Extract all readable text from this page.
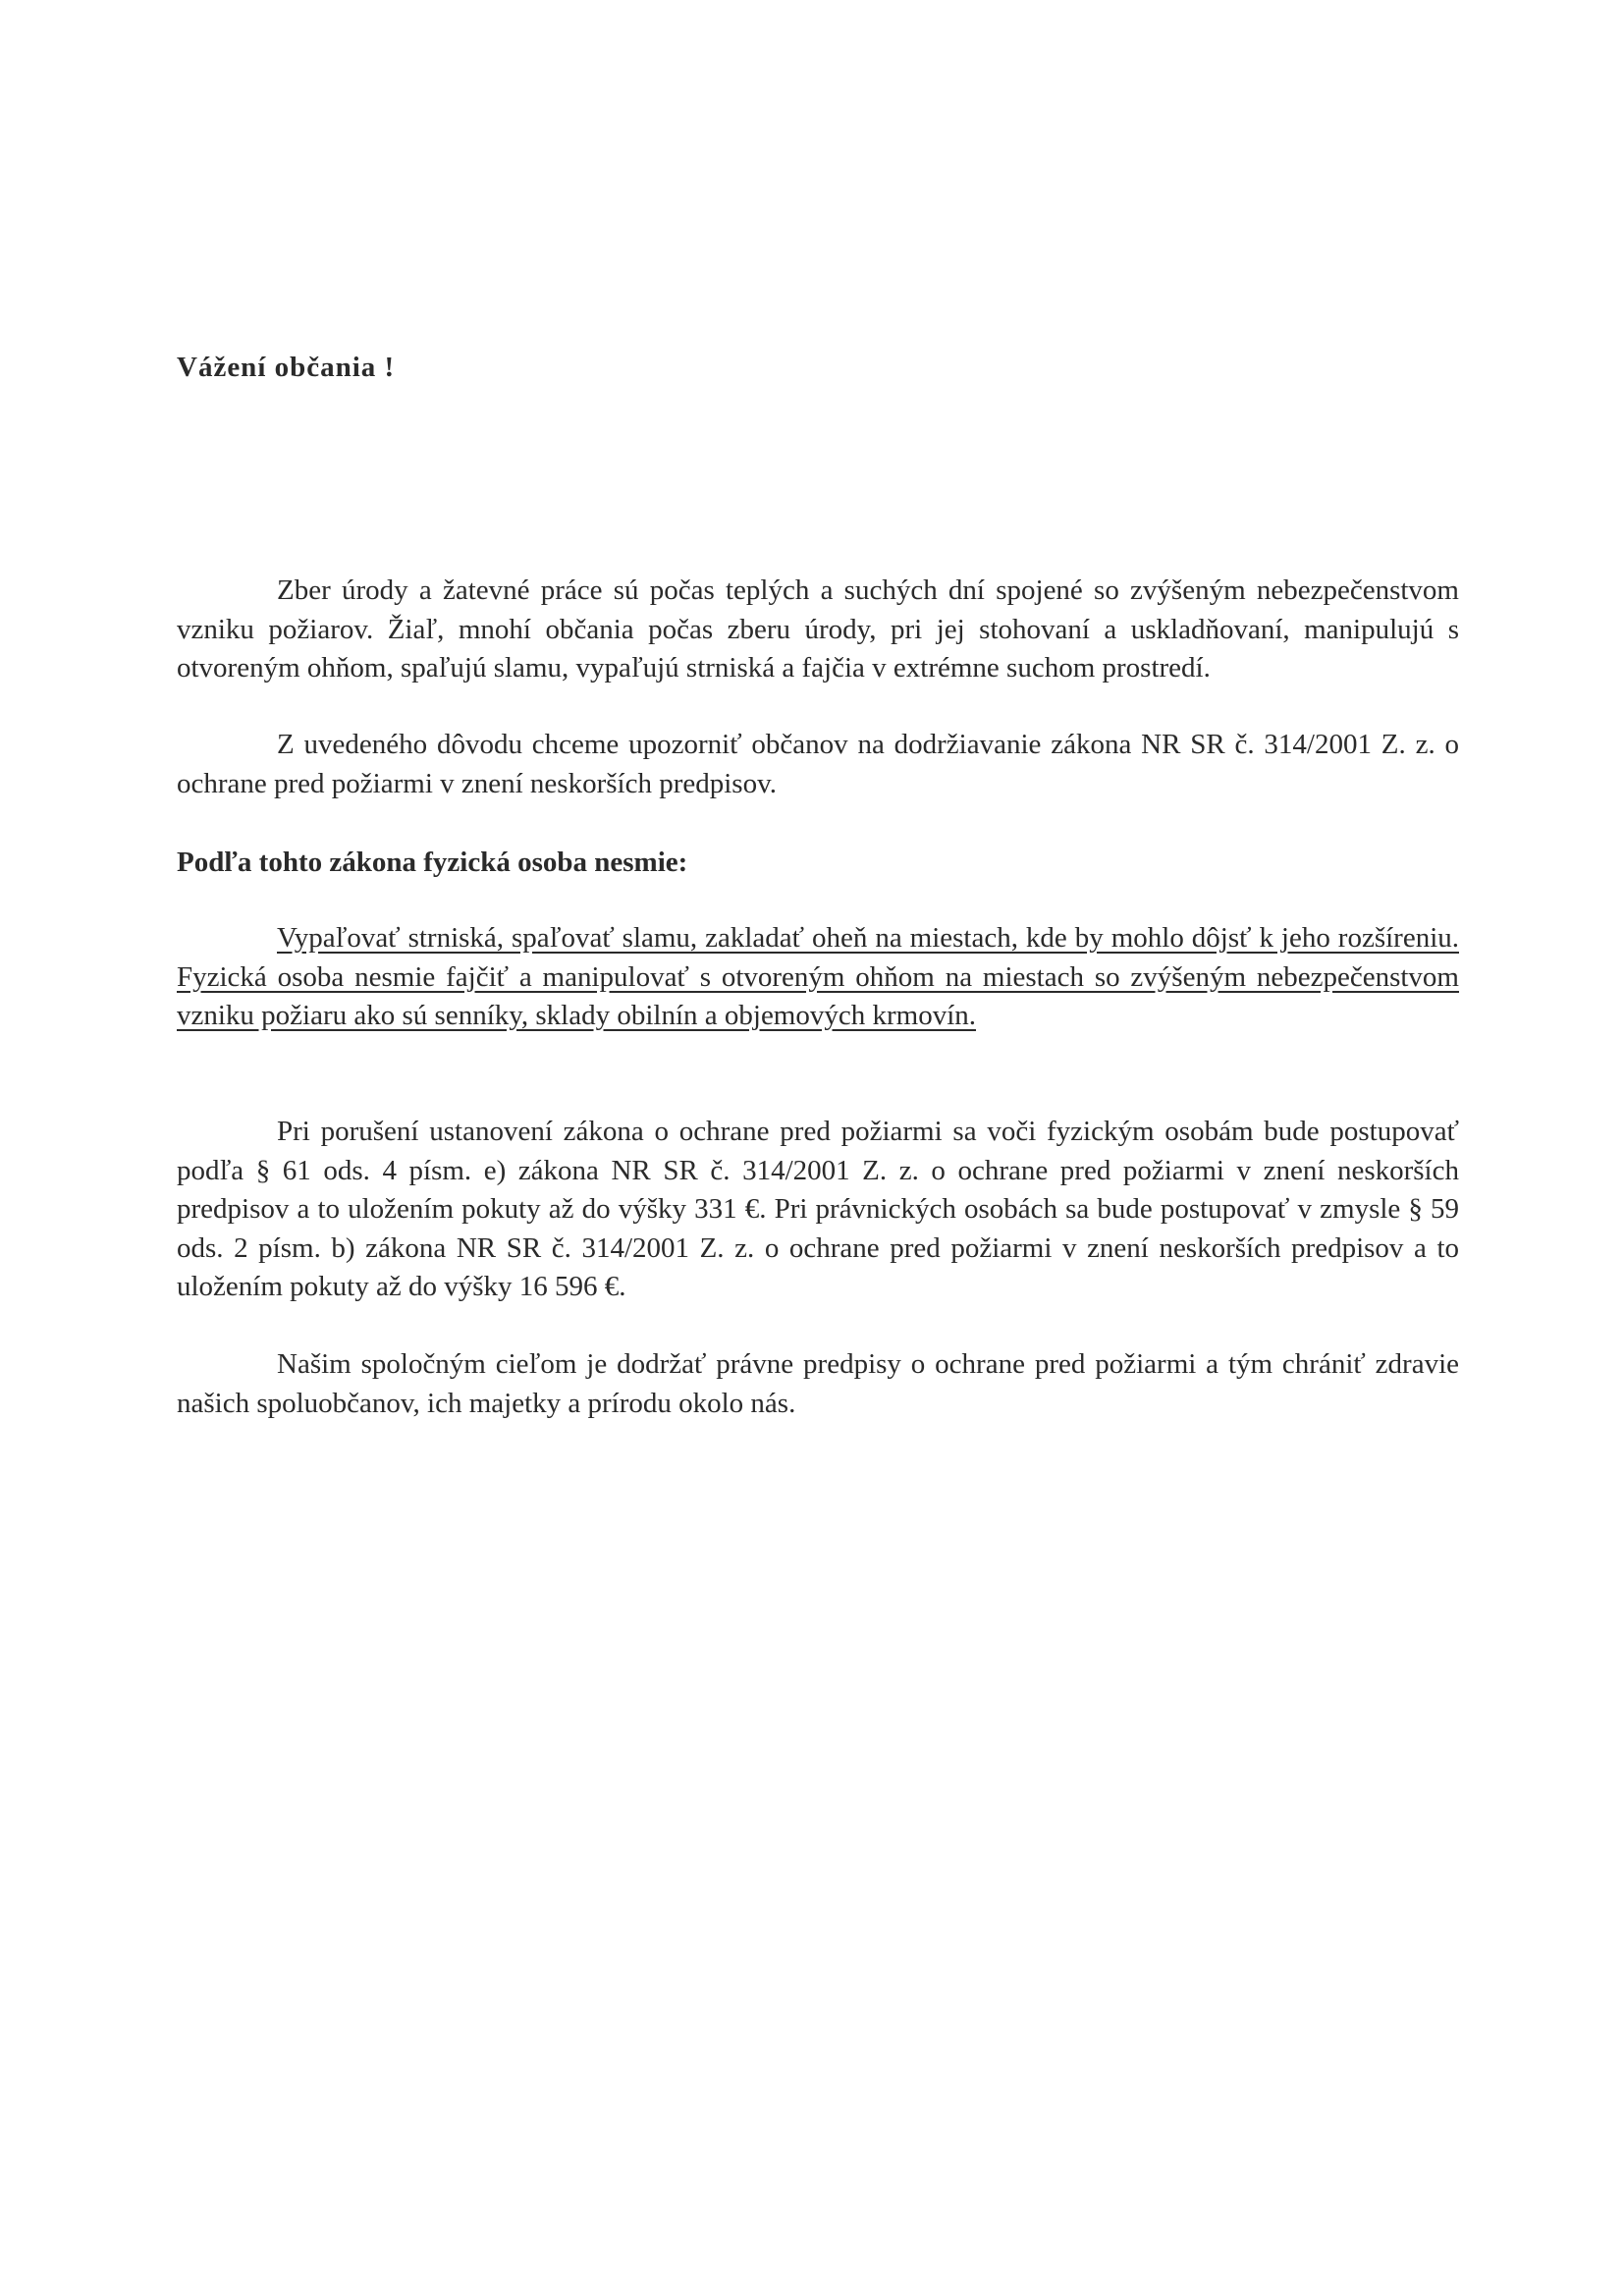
Vážení občania !

Zber úrody a žatevné práce sú počas teplých a suchých dní spojené so zvýšeným nebezpečenstvom vzniku požiarov. Žiaľ, mnohí občania počas zberu úrody, pri jej stohovaní a uskladňovaní, manipulujú s otvoreným ohňom, spaľujú slamu, vypaľujú strniská a fajčia v extrémne suchom prostredí.

Z uvedeného dôvodu chceme upozorniť občanov na dodržiavanie zákona NR SR č. 314/2001 Z. z. o ochrane pred požiarmi v znení neskorších predpisov.

Podľa tohto zákona fyzická osoba nesmie:

Vypaľovať strniská, spaľovať slamu, zakladať oheň na miestach, kde by mohlo dôjsť k jeho rozšíreniu. Fyzická osoba nesmie fajčiť a manipulovať s otvoreným ohňom na miestach so zvýšeným nebezpečenstvom vzniku požiaru ako sú senníky, sklady obilnín a objemových krmovín.

Pri porušení ustanovení zákona o ochrane pred požiarmi sa voči fyzickým osobám bude postupovať podľa § 61 ods. 4 písm. e) zákona NR SR č. 314/2001 Z. z. o ochrane pred požiarmi v znení neskorších predpisov a to uložením pokuty až do výšky 331 €. Pri právnických osobách sa bude postupovať v zmysle § 59 ods. 2 písm. b) zákona NR SR č. 314/2001 Z. z. o ochrane pred požiarmi v znení neskorších predpisov a to uložením pokuty až do výšky 16 596 €.

Našim spoločným cieľom je dodržať právne predpisy o ochrane pred požiarmi a tým chrániť zdravie našich spoluobčanov, ich majetky a prírodu okolo nás.
